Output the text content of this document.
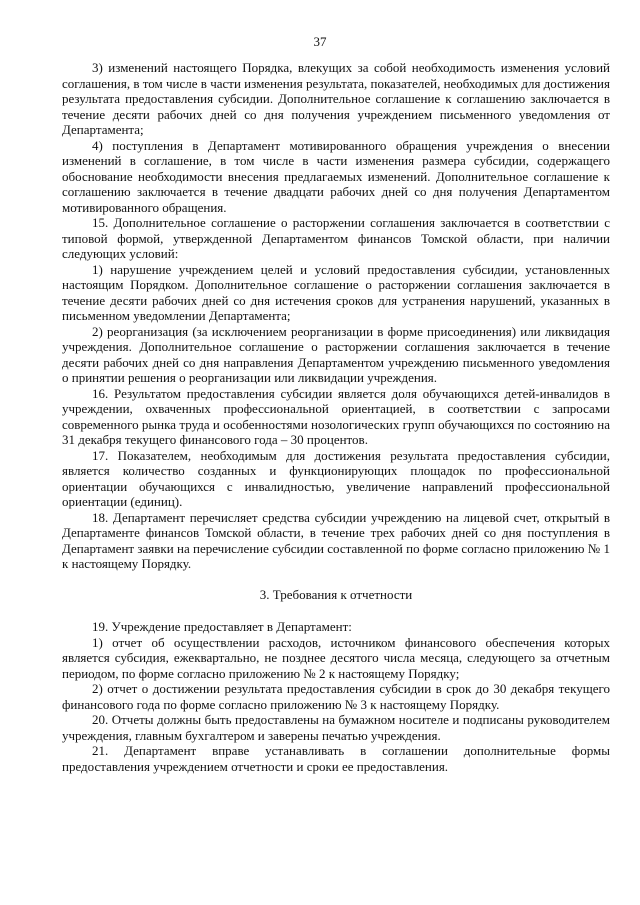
37

3) изменений настоящего Порядка, влекущих за собой необходимость изменения условий соглашения, в том числе в части изменения результата, показателей, необходимых для достижения результата предоставления субсидии. Дополнительное соглашение к соглашению заключается в течение десяти рабочих дней со дня получения учреждением письменного уведомления от Департамента;

4) поступления в Департамент мотивированного обращения учреждения о внесении изменений в соглашение, в том числе в части изменения размера субсидии, содержащего обоснование необходимости внесения предлагаемых изменений. Дополнительное соглашение к соглашению заключается в течение двадцати рабочих дней со дня получения Департаментом мотивированного обращения.

15. Дополнительное соглашение о расторжении соглашения заключается в соответствии с типовой формой, утвержденной Департаментом финансов Томской области, при наличии следующих условий:

1) нарушение учреждением целей и условий предоставления субсидии, установленных настоящим Порядком. Дополнительное соглашение о расторжении соглашения заключается в течение десяти рабочих дней со дня истечения сроков для устранения нарушений, указанных в письменном уведомлении Департамента;

2) реорганизация (за исключением реорганизации в форме присоединения) или ликвидация учреждения. Дополнительное соглашение о расторжении соглашения заключается в течение десяти рабочих дней со дня направления Департаментом учреждению письменного уведомления о принятии решения о реорганизации или ликвидации учреждения.

16. Результатом предоставления субсидии является доля обучающихся детей-инвалидов в учреждении, охваченных профессиональной ориентацией, в соответствии с запросами современного рынка труда и особенностями нозологических групп обучающихся по состоянию на 31 декабря текущего финансового года – 30 процентов.

17. Показателем, необходимым для достижения результата предоставления субсидии, является количество созданных и функционирующих площадок по профессиональной ориентации обучающихся с инвалидностью, увеличение направлений профессиональной ориентации (единиц).

18. Департамент перечисляет средства субсидии учреждению на лицевой счет, открытый в Департаменте финансов Томской области, в течение трех рабочих дней со дня поступления в Департамент заявки на перечисление субсидии составленной по форме согласно приложению № 1 к настоящему Порядку.

3. Требования к отчетности

19. Учреждение предоставляет в Департамент:

1) отчет об осуществлении расходов, источником финансового обеспечения которых является субсидия, ежеквартально, не позднее десятого числа месяца, следующего за отчетным периодом, по форме согласно приложению № 2 к настоящему Порядку;

2) отчет о достижении результата предоставления субсидии в срок до 30 декабря текущего финансового года по форме согласно приложению № 3 к настоящему Порядку.

20. Отчеты должны быть предоставлены на бумажном носителе и подписаны руководителем учреждения, главным бухгалтером и заверены печатью учреждения.

21. Департамент вправе устанавливать в соглашении дополнительные формы предоставления учреждением отчетности и сроки ее предоставления.
